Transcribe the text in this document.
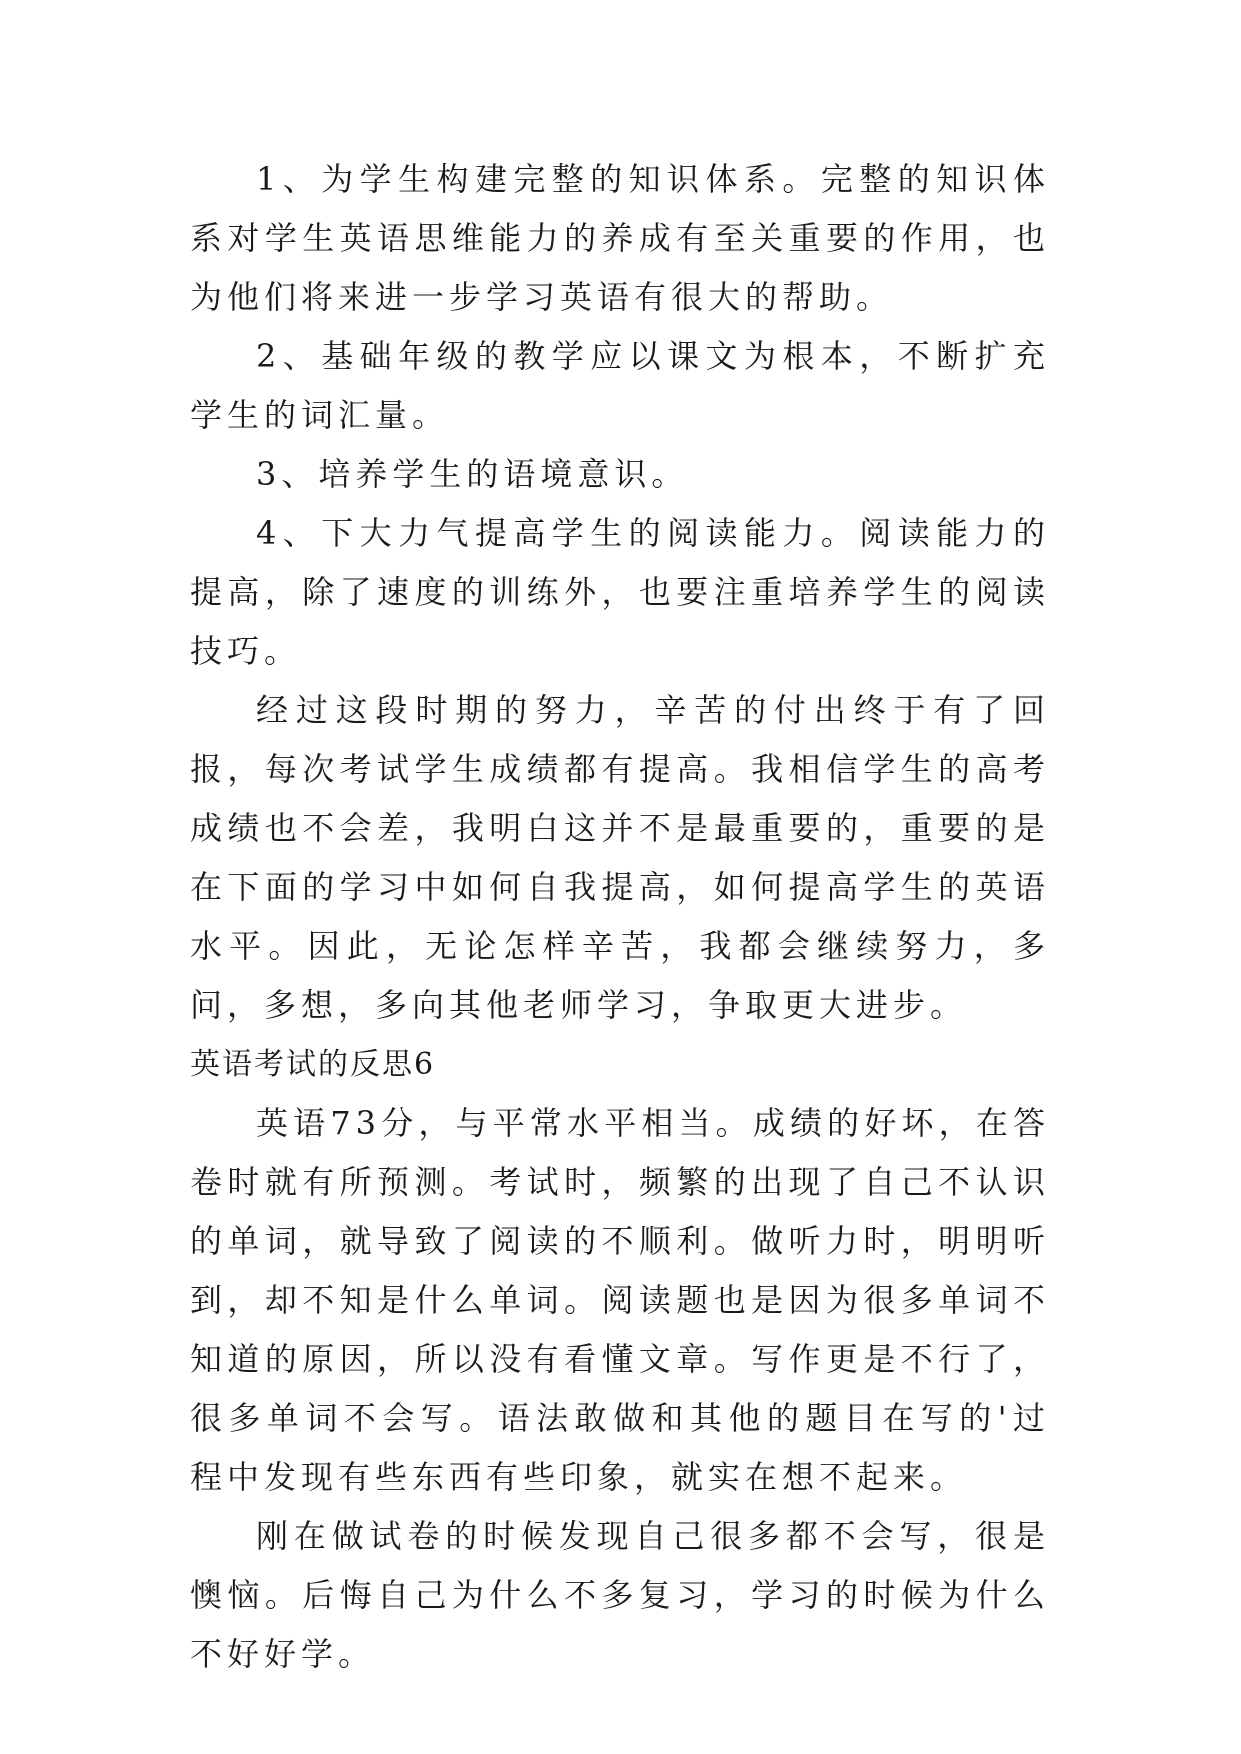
1、为学生构建完整的知识体系。完整的知识体系对学生英语思维能力的养成有至关重要的作用，也为他们将来进一步学习英语有很大的帮助。

2、基础年级的教学应以课文为根本，不断扩充学生的词汇量。

3、培养学生的语境意识。

4、下大力气提高学生的阅读能力。阅读能力的提高，除了速度的训练外，也要注重培养学生的阅读技巧。

经过这段时期的努力，辛苦的付出终于有了回报，每次考试学生成绩都有提高。我相信学生的高考成绩也不会差，我明白这并不是最重要的，重要的是在下面的学习中如何自我提高，如何提高学生的英语水平。因此，无论怎样辛苦，我都会继续努力，多问，多想，多向其他老师学习，争取更大进步。

英语考试的反思6

英语73分，与平常水平相当。成绩的好坏，在答卷时就有所预测。考试时，频繁的出现了自己不认识的单词，就导致了阅读的不顺利。做听力时，明明听到，却不知是什么单词。阅读题也是因为很多单词不知道的原因，所以没有看懂文章。写作更是不行了，很多单词不会写。语法敢做和其他的题目在写的'过程中发现有些东西有些印象，就实在想不起来。

刚在做试卷的时候发现自己很多都不会写，很是懊恼。后悔自己为什么不多复习，学习的时候为什么不好好学。
